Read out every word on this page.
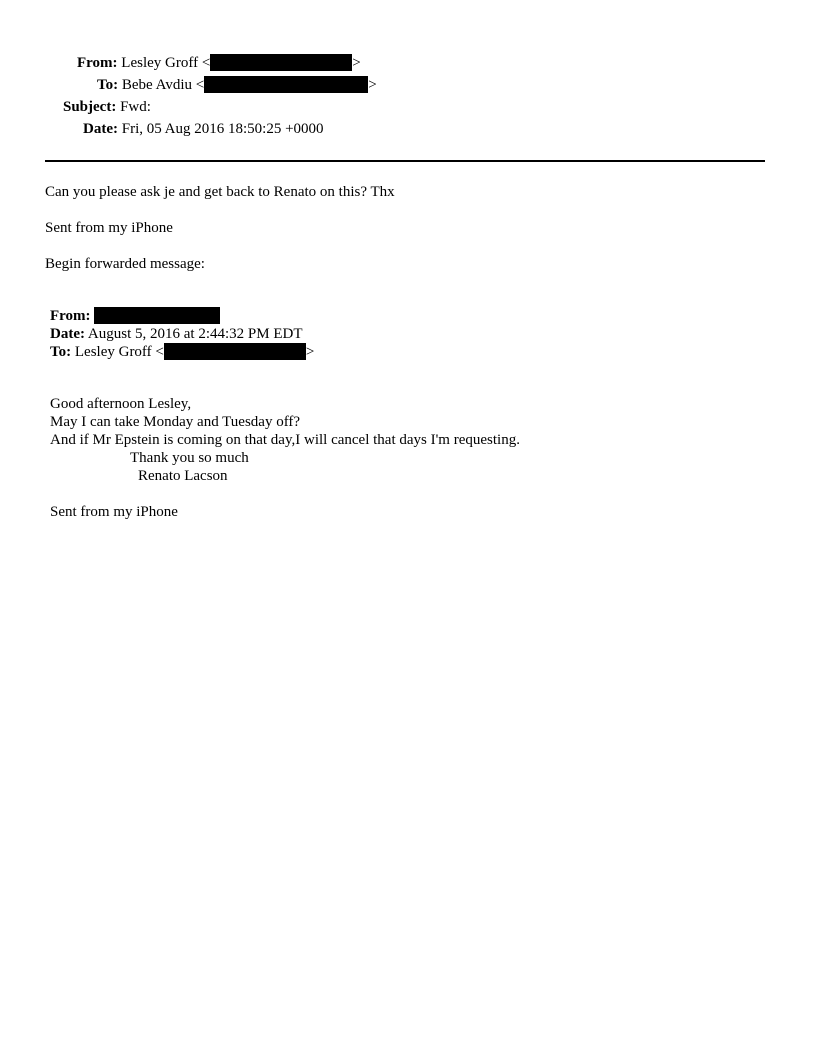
From: Lesley Groff <	>
To: Bebe Avdiu <	>
Subject: Fwd:
Date: Fri, 05 Aug 2016 18:50:25 +0000
Can you please ask je and get back to Renato on this? Thx
Sent from my iPhone
Begin forwarded message:
From:
Date: August 5, 2016 at 2:44:32 PM EDT
To: Lesley Groff <	>
Good afternoon Lesley,
May I can take Monday and Tuesday off?
And if Mr Epstein is coming on that day,I will cancel that days I'm requesting.
Thank you so much
Renato Lacson
Sent from my iPhone
